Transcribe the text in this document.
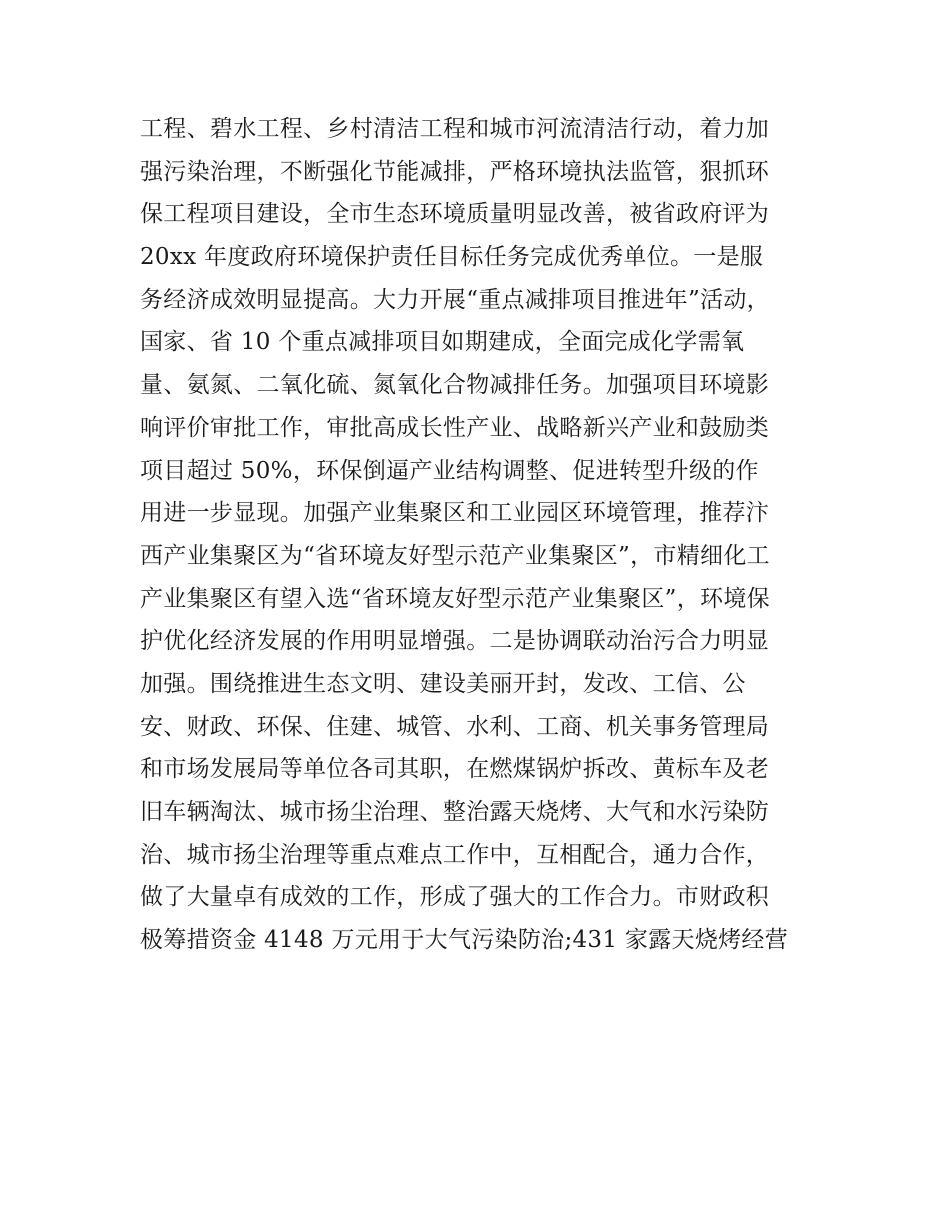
工程、碧水工程、乡村清洁工程和城市河流清洁行动，着力加
强污染治理，不断强化节能减排，严格环境执法监管，狠抓环
保工程项目建设，全市生态环境质量明显改善，被省政府评为
20xx 年度政府环境保护责任目标任务完成优秀单位。一是服
务经济成效明显提高。大力开展“重点减排项目推进年”活动，
国家、省 10 个重点减排项目如期建成，全面完成化学需氧
量、氨氮、二氧化硫、氮氧化合物减排任务。加强项目环境影
响评价审批工作，审批高成长性产业、战略新兴产业和鼓励类
项目超过 50%，环保倒逼产业结构调整、促进转型升级的作
用进一步显现。加强产业集聚区和工业园区环境管理，推荐汴
西产业集聚区为“省环境友好型示范产业集聚区”，市精细化工
产业集聚区有望入选“省环境友好型示范产业集聚区”，环境保
护优化经济发展的作用明显增强。二是协调联动治污合力明显
加强。围绕推进生态文明、建设美丽开封，发改、工信、公
安、财政、环保、住建、城管、水利、工商、机关事务管理局
和市场发展局等单位各司其职，在燃煤锅炉拆改、黄标车及老
旧车辆淘汰、城市扬尘治理、整治露天烧烤、大气和水污染防
治、城市扬尘治理等重点难点工作中，互相配合，通力合作，
做了大量卓有成效的工作，形成了强大的工作合力。市财政积
极筹措资金 4148 万元用于大气污染防治;431 家露天烧烤经营
